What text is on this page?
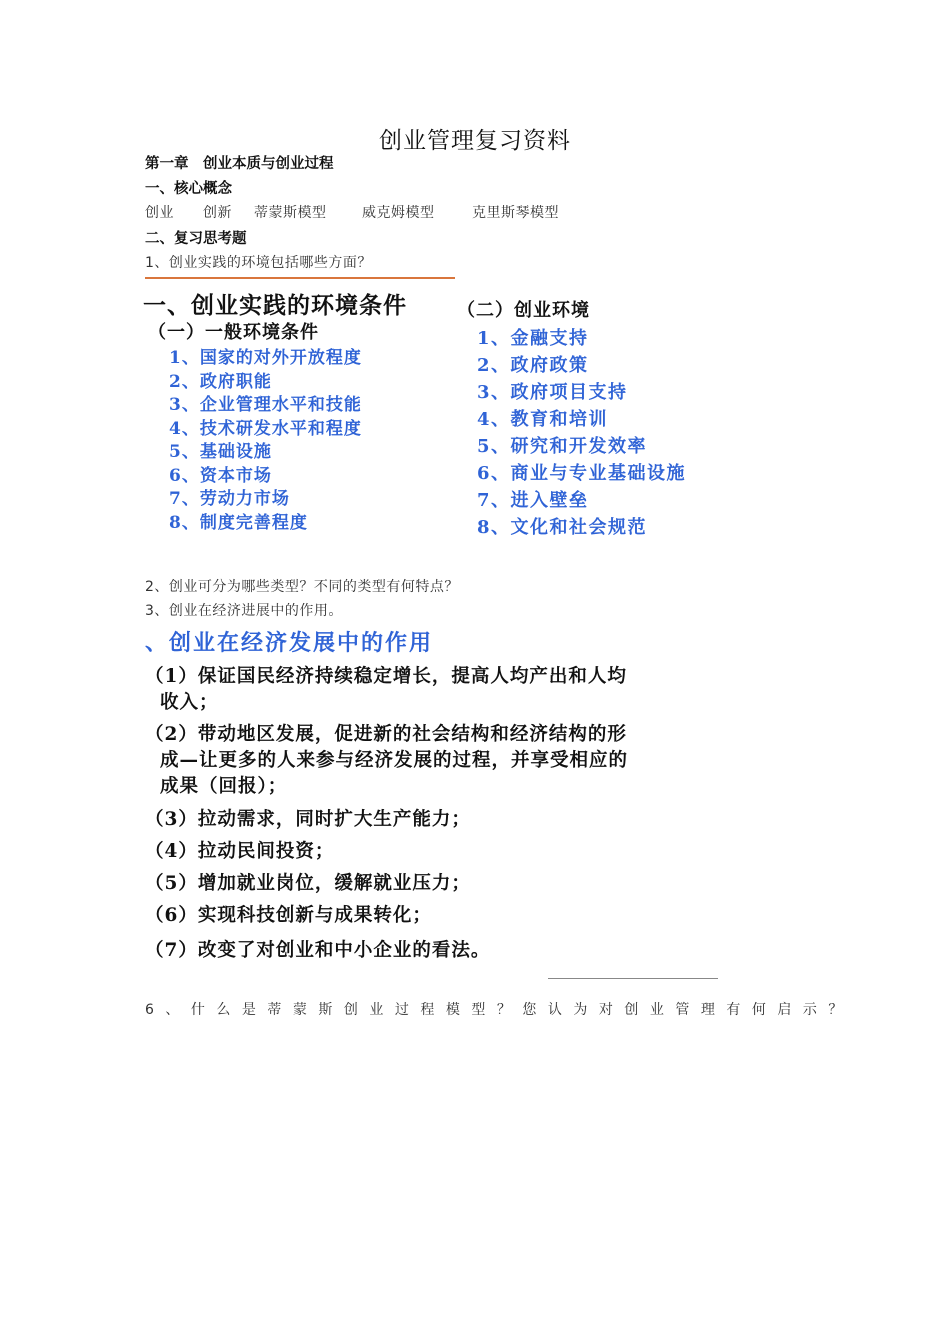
创业管理复习资料
第一章　创业本质与创业过程
一、核心概念
创业	创新	蒂蒙斯模型	威克姆模型	克里斯琴模型
二、复习思考题
1、创业实践的环境包括哪些方面？
一、创业实践的环境条件
（一）一般环境条件
1、国家的对外开放程度
2、政府职能
3、企业管理水平和技能
4、技术研发水平和程度
5、基础设施
6、资本市场
7、劳动力市场
8、制度完善程度
（二）创业环境
1、金融支持
2、政府政策
3、政府项目支持
4、教育和培训
5、研究和开发效率
6、商业与专业基础设施
7、进入壁垒
8、文化和社会规范
2、创业可分为哪些类型？不同的类型有何特点？
3、创业在经济进展中的作用。
、创业在经济发展中的作用
（1）保证国民经济持续稳定增长，提高人均产出和人均
收入；
（2）带动地区发展，促进新的社会结构和经济结构的形
成—让更多的人来参与经济发展的过程，并享受相应的
成果（回报）；
（3）拉动需求，同时扩大生产能力；
（4）拉动民间投资；
（5）增加就业岗位，缓解就业压力；
（6）实现科技创新与成果转化；
（7）改变了对创业和中小企业的看法。
6、什么是蒂蒙斯创业过程模型？您认为对创业管理有何启示？
